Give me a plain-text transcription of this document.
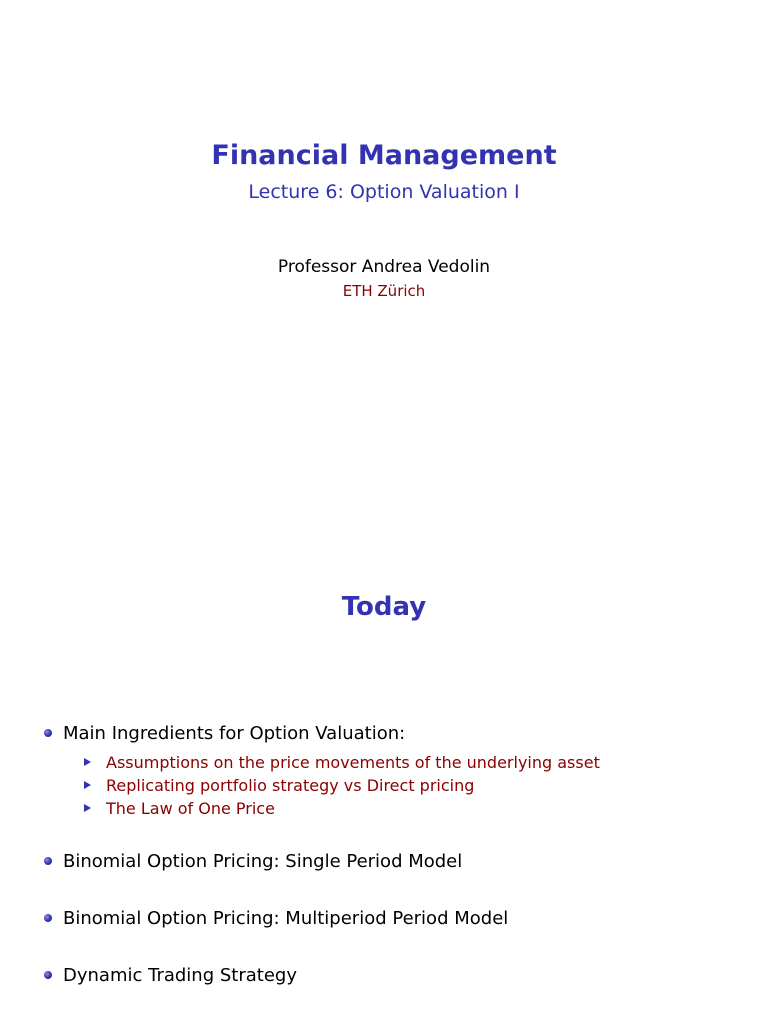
Financial Management
Lecture 6: Option Valuation I
Professor Andrea Vedolin
ETH Zürich
Today
Main Ingredients for Option Valuation:
Assumptions on the price movements of the underlying asset
Replicating portfolio strategy vs Direct pricing
The Law of One Price
Binomial Option Pricing: Single Period Model
Binomial Option Pricing: Multiperiod Period Model
Dynamic Trading Strategy
